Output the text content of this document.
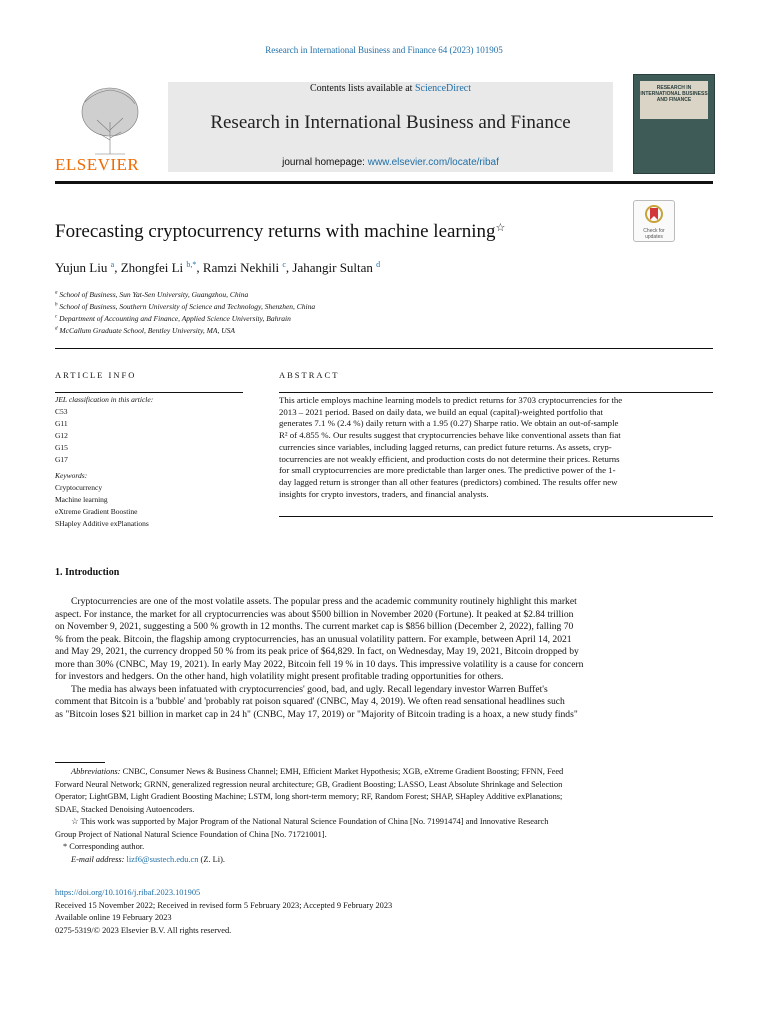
Research in International Business and Finance 64 (2023) 101905
ELSEVIER
Contents lists available at ScienceDirect
Research in International Business and Finance
journal homepage: www.elsevier.com/locate/ribaf
RESEARCH IN INTERNATIONAL BUSINESS AND FINANCE
Forecasting cryptocurrency returns with machine learning☆	Check for updates
Yujun Liu $^a$, Zhongfei Li $^{b,*}$, Ramzi Nekhili $^c$, Jahangir Sultan $^d$
$^a$ School of Business, Sun Yat-Sen University, Guangzhou, China
$^b$ School of Business, Southern University of Science and Technology, Shenzhen, China
$^c$ Department of Accounting and Finance, Applied Science University, Bahrain
$^d$ McCallum Graduate School, Bentley University, MA, USA
ARTICLE INFO	ABSTRACT
JEL classification in this article:
C53
G11
G12
G15
G17
Keywords:
Cryptocurrency
Machine learning
eXtreme Gradient Boostine
SHapley Additive exPlanations
This article employs machine learning models to predict returns for 3703 cryptocurrencies for the
2013 – 2021 period. Based on daily data, we build an equal (capital)-weighted portfolio that
generates 7.1 % (2.4 %) daily return with a 1.95 (0.27) Sharpe ratio. We obtain an out-of-sample
R² of 4.855 %. Our results suggest that cryptocurrencies behave like conventional assets than fiat
currencies since variables, including lagged returns, can predict future returns. As assets, cryp-
tocurrencies are not weakly efficient, and production costs do not determine their prices. Returns
for small cryptocurrencies are more predictable than larger ones. The predictive power of the 1-
day lagged return is stronger than all other features (predictors) combined. The results offer new
insights for crypto investors, traders, and financial analysts.
1. Introduction
Cryptocurrencies are one of the most volatile assets. The popular press and the academic community routinely highlight this market
aspect. For instance, the market for all cryptocurrencies was about $500 billion in November 2020 (Fortune). It peaked at $2.84 trillion
on November 9, 2021, suggesting a 500 % growth in 12 months. The current market cap is $856 billion (December 2, 2022), falling 70
% from the peak. Bitcoin, the flagship among cryptocurrencies, has an unusual volatility pattern. For example, between April 14, 2021
and May 29, 2021, the currency dropped 50 % from its peak price of $64,829. In fact, on Wednesday, May 19, 2021, Bitcoin dropped by
more than 30% (CNBC, May 19, 2021). In early May 2022, Bitcoin fell 19 % in 10 days. This impressive volatility is a cause for concern
for investors and hedgers. On the other hand, high volatility might present profitable trading opportunities for others.
The media has always been infatuated with cryptocurrencies' good, bad, and ugly. Recall legendary investor Warren Buffet's
comment that Bitcoin is a 'bubble' and 'probably rat poison squared' (CNBC, May 4, 2019). We often read sensational headlines such
as "Bitcoin loses $21 billion in market cap in 24 h" (CNBC, May 17, 2019) or "Majority of Bitcoin trading is a hoax, a new study finds"
Abbreviations: CNBC, Consumer News & Business Channel; EMH, Efficient Market Hypothesis; XGB, eXtreme Gradient Boosting; FFNN, Feed
Forward Neural Network; GRNN, generalized regression neural architecture; GB, Gradient Boosting; LASSO, Least Absolute Shrinkage and Selection
Operator; LightGBM, Light Gradient Boosting Machine; LSTM, long short-term memory; RF, Random Forest; SHAP, SHapley Additive exPlanations;
SDAE, Stacked Denoising Autoencoders.
☆ This work was supported by Major Program of the National Natural Science Foundation of China [No. 71991474] and Innovative Research
Group Project of National Natural Science Foundation of China [No. 71721001].
* Corresponding author.
E-mail address: lizf6@sustech.edu.cn (Z. Li).
https://doi.org/10.1016/j.ribaf.2023.101905
Received 15 November 2022; Received in revised form 5 February 2023; Accepted 9 February 2023
Available online 19 February 2023
0275-5319/© 2023 Elsevier B.V. All rights reserved.
